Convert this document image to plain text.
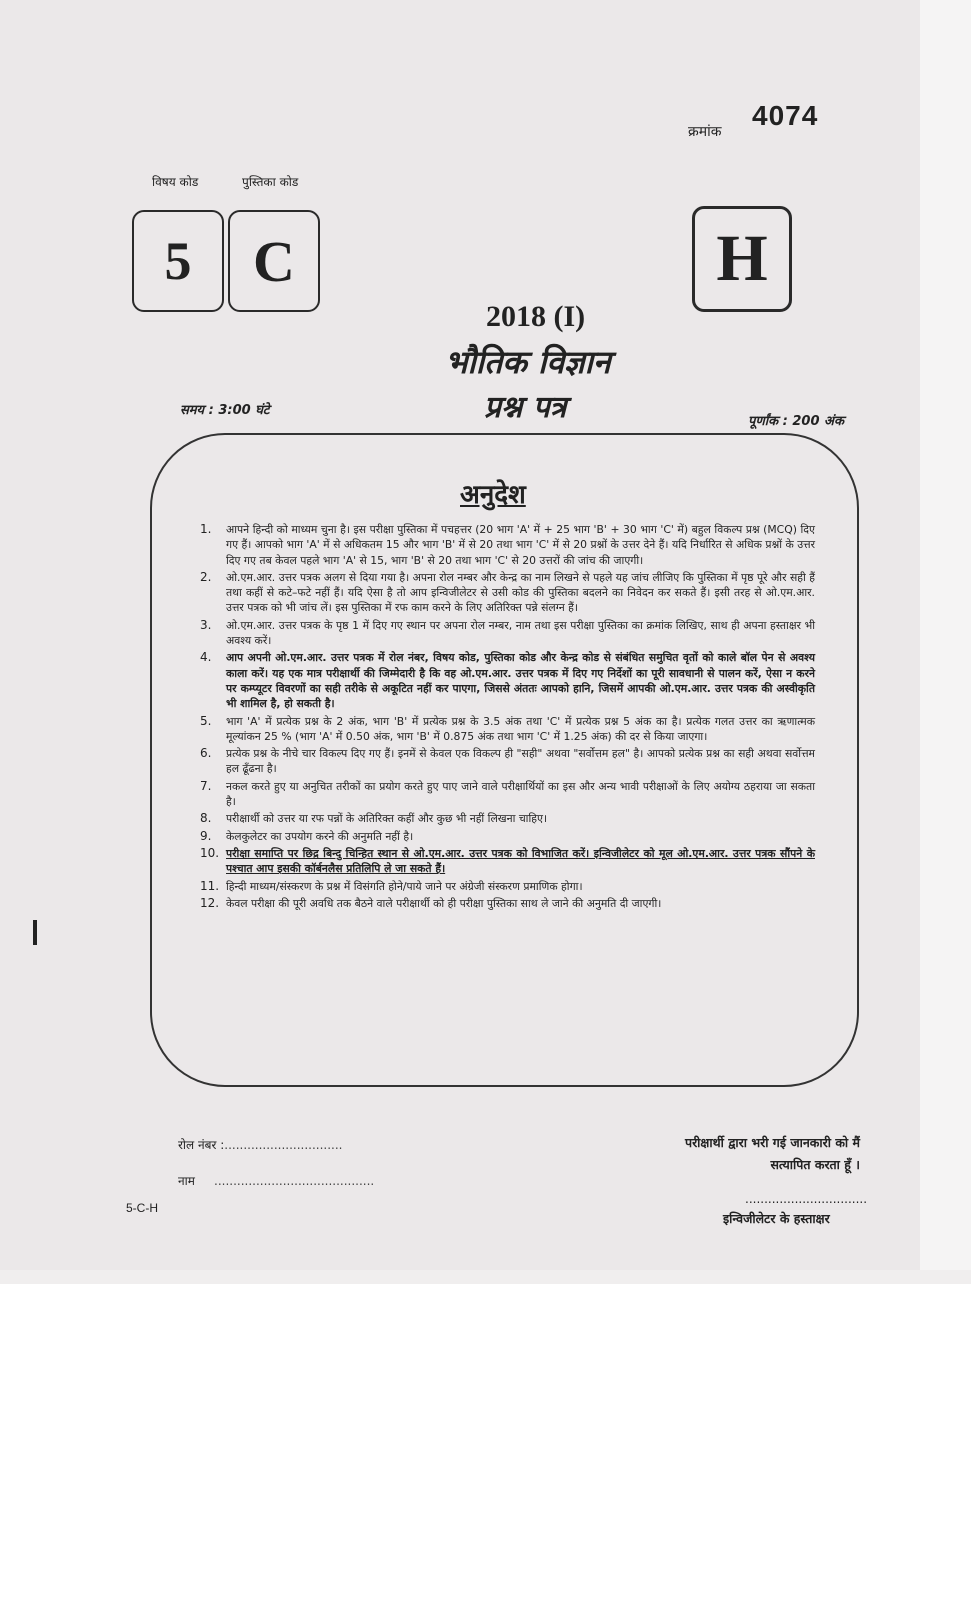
क्रमांक
4074
विषय कोड	पुस्तिका कोड
5 C	H
2018 (I)
भौतिक विज्ञान
प्रश्न पत्र
समय : 3:00 घंटे
पूर्णांक : 200 अंक
अनुदेश
1.	आपने हिन्दी को माध्यम चुना है। इस परीक्षा पुस्तिका में पचहत्तर (20 भाग 'A' में + 25 भाग 'B' + 30 भाग 'C' में) बहुल विकल्प प्रश्न (MCQ) दिए गए हैं। आपको भाग 'A' में से अधिकतम 15 और भाग 'B' में से 20 तथा भाग 'C' में से 20 प्रश्नों के उत्तर देने हैं। यदि निर्धारित से अधिक प्रश्नों के उत्तर दिए गए तब केवल पहले भाग 'A' से 15, भाग 'B' से 20 तथा भाग 'C' से 20 उत्तरों की जांच की जाएगी।
2.	ओ.एम.आर. उत्तर पत्रक अलग से दिया गया है। अपना रोल नम्बर और केन्द्र का नाम लिखने से पहले यह जांच लीजिए कि पुस्तिका में पृष्ठ पूरे और सही हैं तथा कहीं से कटे–फटे नहीं हैं। यदि ऐसा है तो आप इन्विजीलेटर से उसी कोड की पुस्तिका बदलने का निवेदन कर सकते हैं। इसी तरह से ओ.एम.आर. उत्तर पत्रक को भी जांच लें। इस पुस्तिका में रफ काम करने के लिए अतिरिक्त पन्ने संलग्न हैं।
3.	ओ.एम.आर. उत्तर पत्रक के पृष्ठ 1 में दिए गए स्थान पर अपना रोल नम्बर, नाम तथा इस परीक्षा पुस्तिका का क्रमांक लिखिए, साथ ही अपना हस्ताक्षर भी अवश्य करें।
4.	आप अपनी ओ.एम.आर. उत्तर पत्रक में रोल नंबर, विषय कोड, पुस्तिका कोड और केन्द्र कोड से संबंधित समुचित वृतों को काले बॉल पेन से अवश्य काला करें। यह एक मात्र परीक्षार्थी की जिम्मेदारी है कि वह ओ.एम.आर. उत्तर पत्रक में दिए गए निर्देशों का पूरी सावधानी से पालन करें, ऐसा न करने पर कम्प्यूटर विवरणों का सही तरीके से अकूटित नहीं कर पाएगा, जिससे अंततः आपको हानि, जिसमें आपकी ओ.एम.आर. उत्तर पत्रक की अस्वीकृति भी शामिल है, हो सकती है।
5.	भाग 'A' में प्रत्येक प्रश्न के 2 अंक, भाग 'B' में प्रत्येक प्रश्न के 3.5 अंक तथा 'C' में प्रत्येक प्रश्न 5 अंक का है। प्रत्येक गलत उत्तर का ऋणात्मक मूल्यांकन 25 % (भाग 'A' में 0.50 अंक, भाग 'B' में 0.875 अंक तथा भाग 'C' में 1.25 अंक) की दर से किया जाएगा।
6.	प्रत्येक प्रश्न के नीचे चार विकल्प दिए गए हैं। इनमें से केवल एक विकल्प ही "सही" अथवा "सर्वोत्तम हल" है। आपको प्रत्येक प्रश्न का सही अथवा सर्वोत्तम हल ढूँढना है।
7.	नकल करते हुए या अनुचित तरीकों का प्रयोग करते हुए पाए जाने वाले परीक्षार्थियों का इस और अन्य भावी परीक्षाओं के लिए अयोग्य ठहराया जा सकता है।
8.	परीक्षार्थी को उत्तर या रफ पन्नों के अतिरिक्त कहीं और कुछ भी नहीं लिखना चाहिए।
9.	केलकुलेटर का उपयोग करने की अनुमति नहीं है।
10. परीक्षा समाप्ति पर छिद्र बिन्दु चिन्हित स्थान से ओ.एम.आर. उत्तर पत्रक को विभाजित करें। इन्विजीलेटर को मूल ओ.एम.आर. उत्तर पत्रक सौंपने के पश्चात आप इसकी कॉर्बनलैस प्रतिलिपि ले जा सकते हैं।
11. हिन्दी माध्यम/संस्करण के प्रश्न में विसंगति होने/पाये जाने पर अंग्रेजी संस्करण प्रमाणिक होगा।
12. केवल परीक्षा की पूरी अवधि तक बैठने वाले परीक्षार्थी को ही परीक्षा पुस्तिका साथ ले जाने की अनुमति दी जाएगी।
रोल नंबर :...............................
नाम ..........................................
5-C-H
परीक्षार्थी द्वारा भरी गई जानकारी को मैं
सत्यापित करता हूँ ।
................................
इन्विजीलेटर के हस्ताक्षर
